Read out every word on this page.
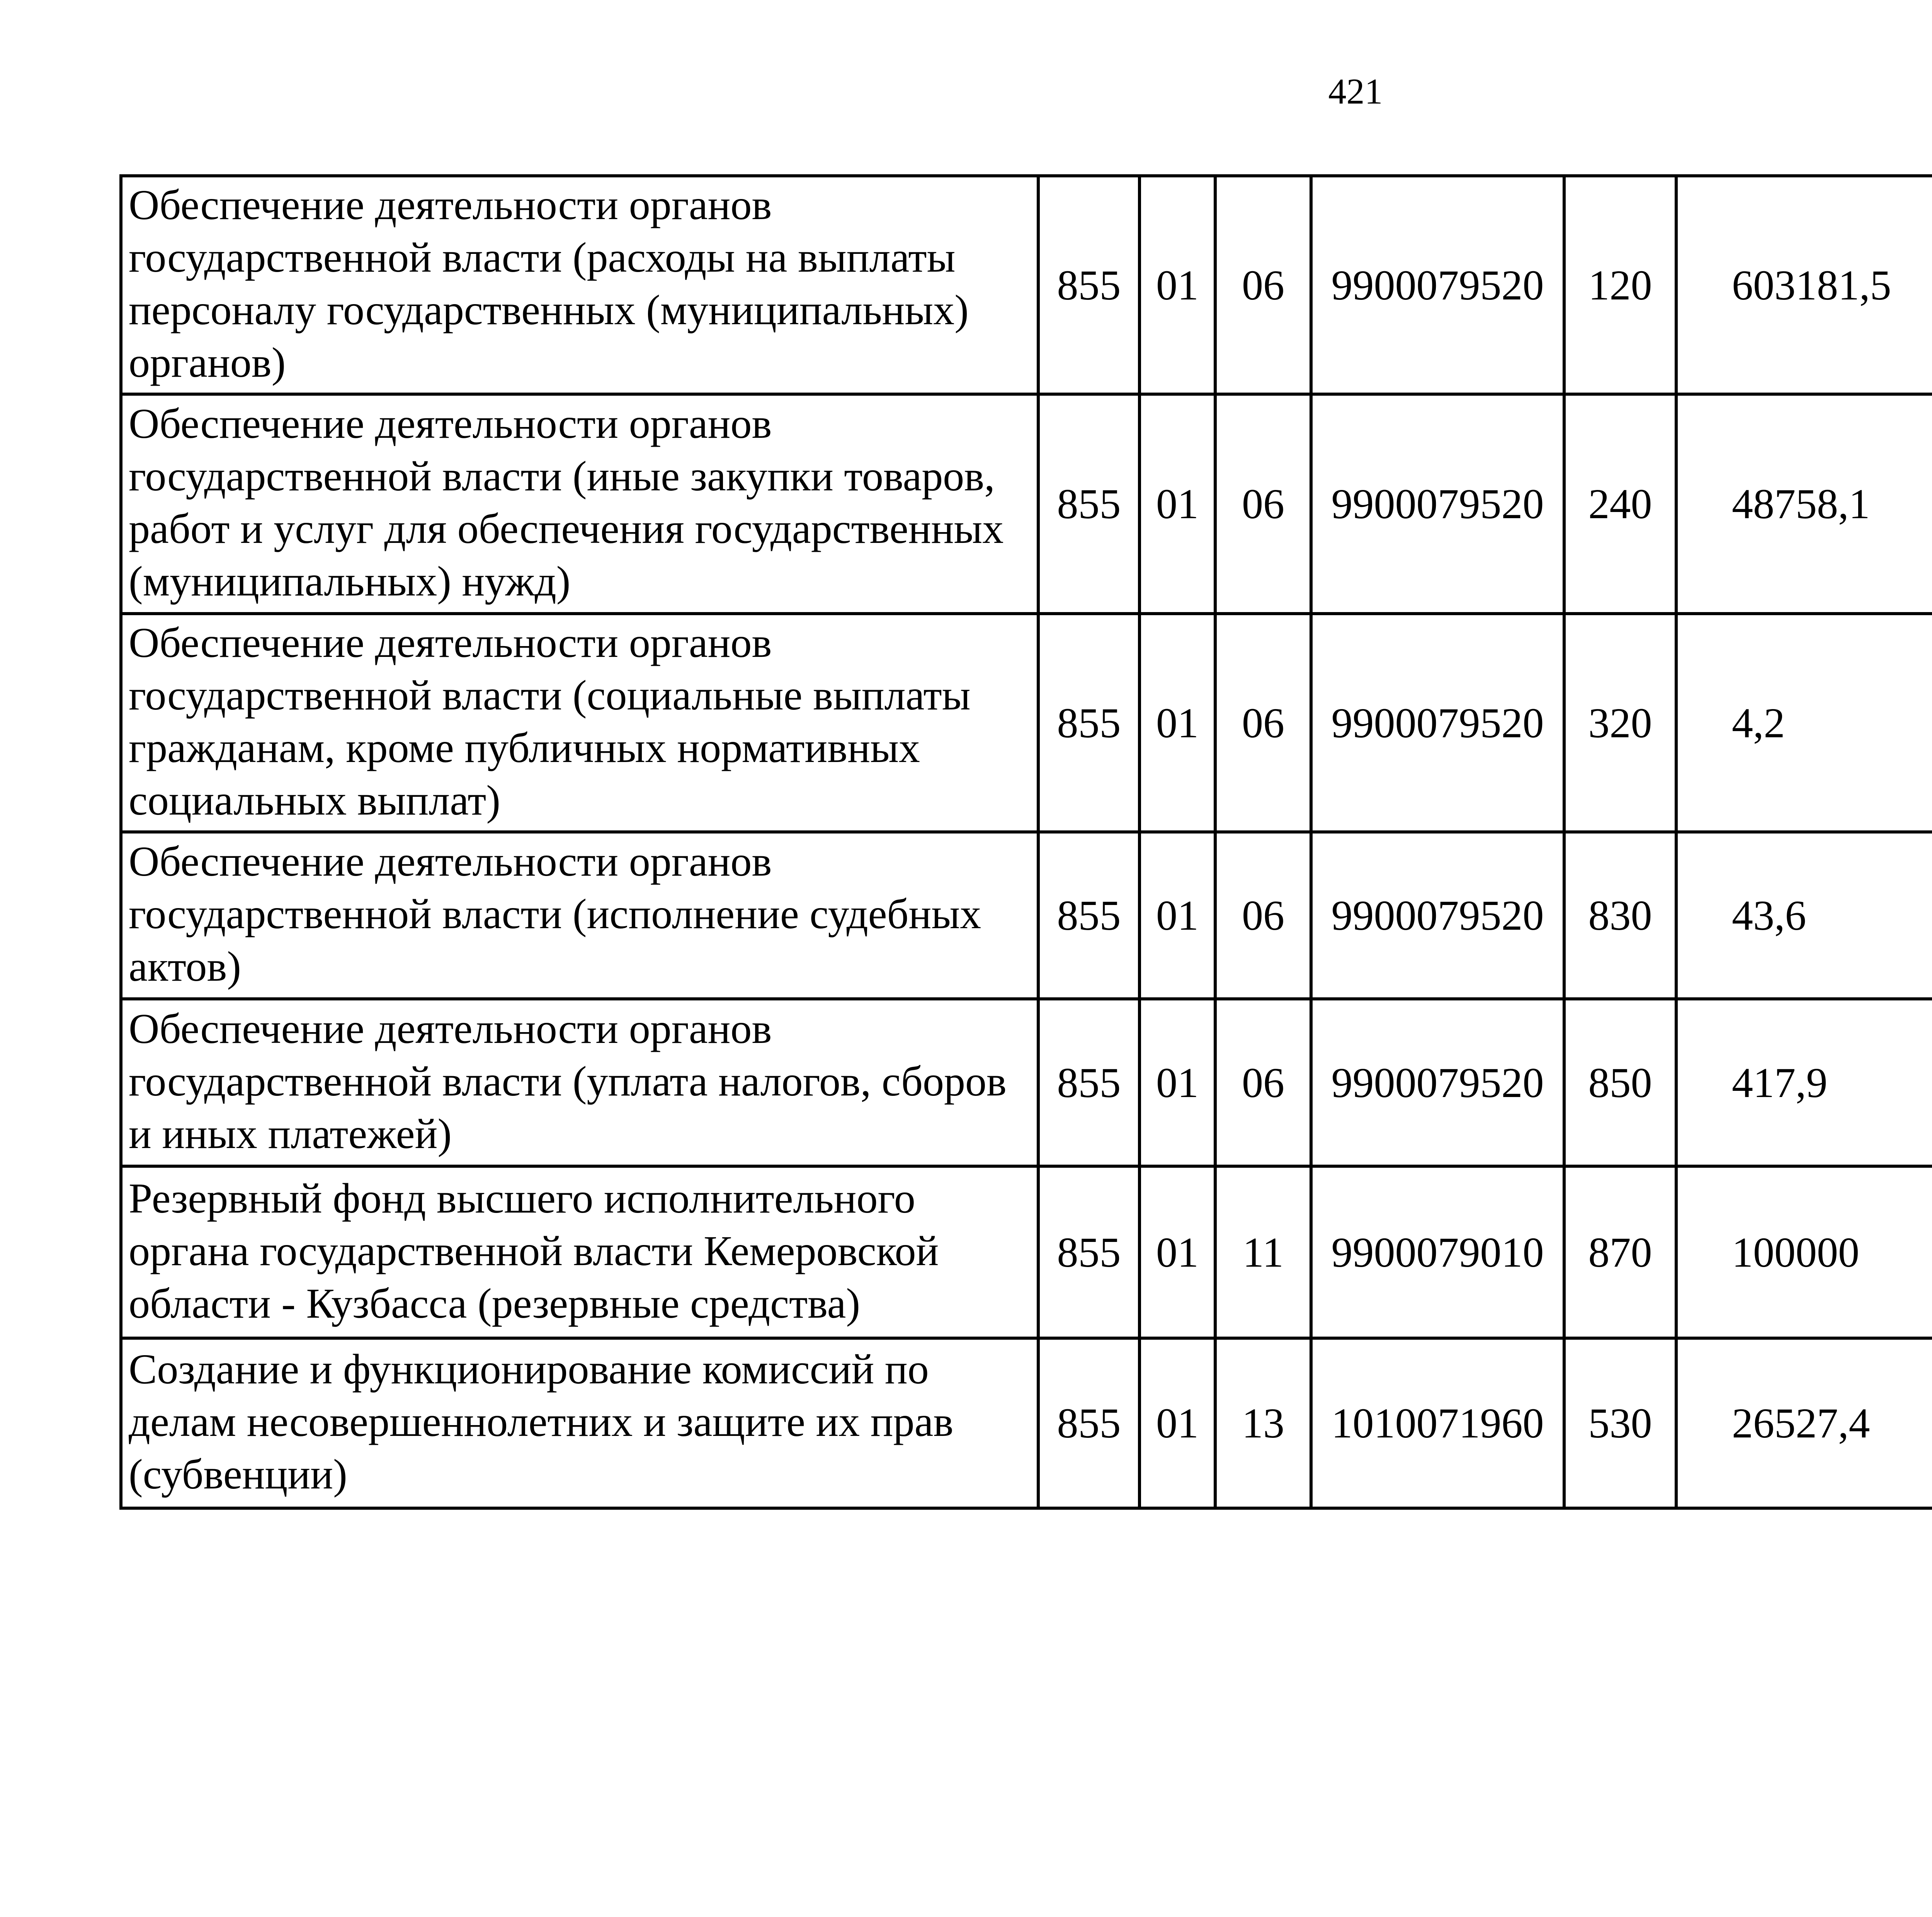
421
Обеспечение деятельности органов государственной власти (расходы на выплаты персоналу государственных (муниципальных) органов)	855	01	06	9900079520	120	603181,5		
Обеспечение деятельности органов государственной власти (иные закупки товаров, работ и услуг для обеспечения государственных (муниципальных) нужд)	855	01	06	9900079520	240	48758,1		
Обеспечение деятельности органов государственной власти (социальные выплаты гражданам, кроме публичных нормативных социальных выплат)	855	01	06	9900079520	320	4,2		
Обеспечение деятельности органов государственной власти (исполнение судебных актов)	855	01	06	9900079520	830	43,6		
Обеспечение деятельности органов государственной власти (уплата налогов, сборов и иных платежей)	855	01	06	9900079520	850	417,9		
Резервный фонд высшего исполнительного органа государственной власти Кемеровской области - Кузбасса (резервные средства)	855	01	11	9900079010	870	100000		
Создание и функционирование комиссий по делам несовершеннолетних и защите их прав (субвенции)	855	01	13	1010071960	530	26527,4		
